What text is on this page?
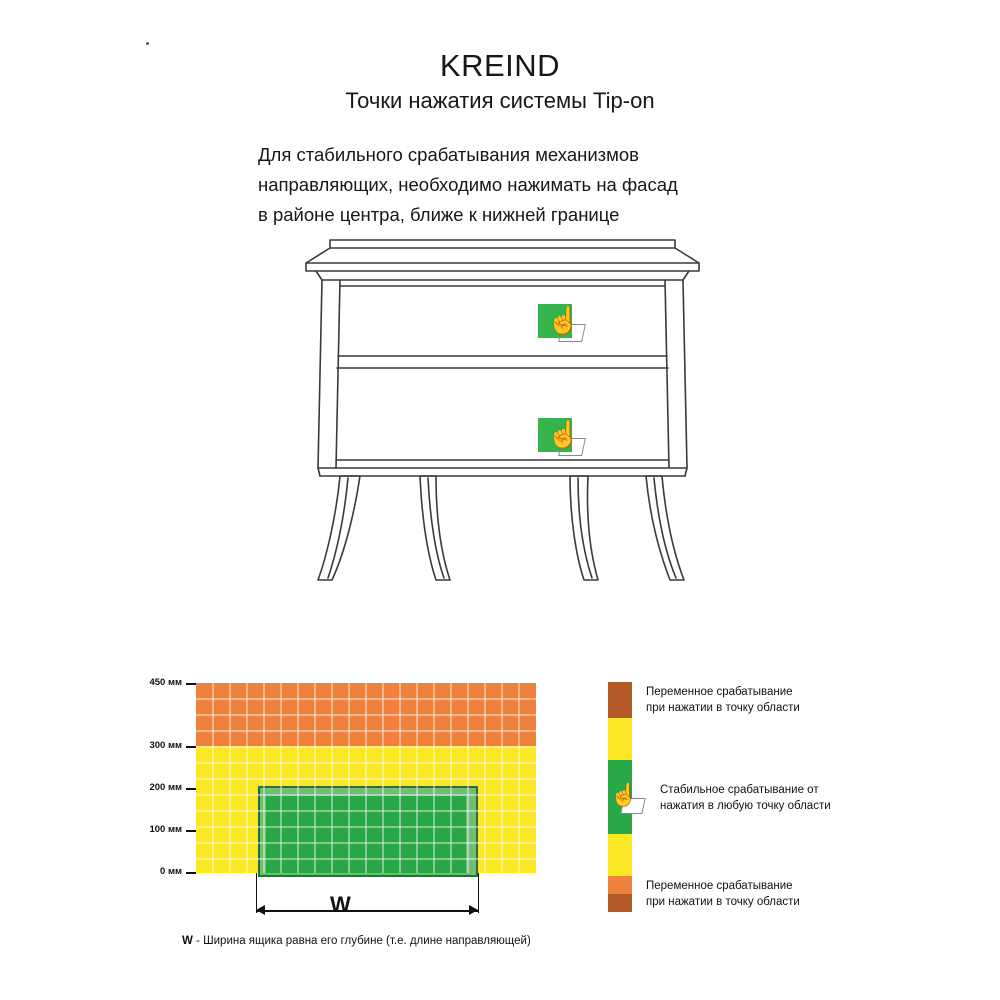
KREIND
Точки нажатия системы Tip-on
Для стабильного срабатывания механизмов
направляющих, необходимо нажимать на фасад
в районе центра, ближе к нижней границе
☝
☝
450 мм
300 мм
200 мм
100 мм
0 мм
W
W - Ширина ящика равна его глубине (т.е. длине направляющей)
Переменное срабатывание
при нажатии в точку области
☝ Стабильное срабатывание от
нажатия в любую точку области
Переменное срабатывание
при нажатии в точку области
